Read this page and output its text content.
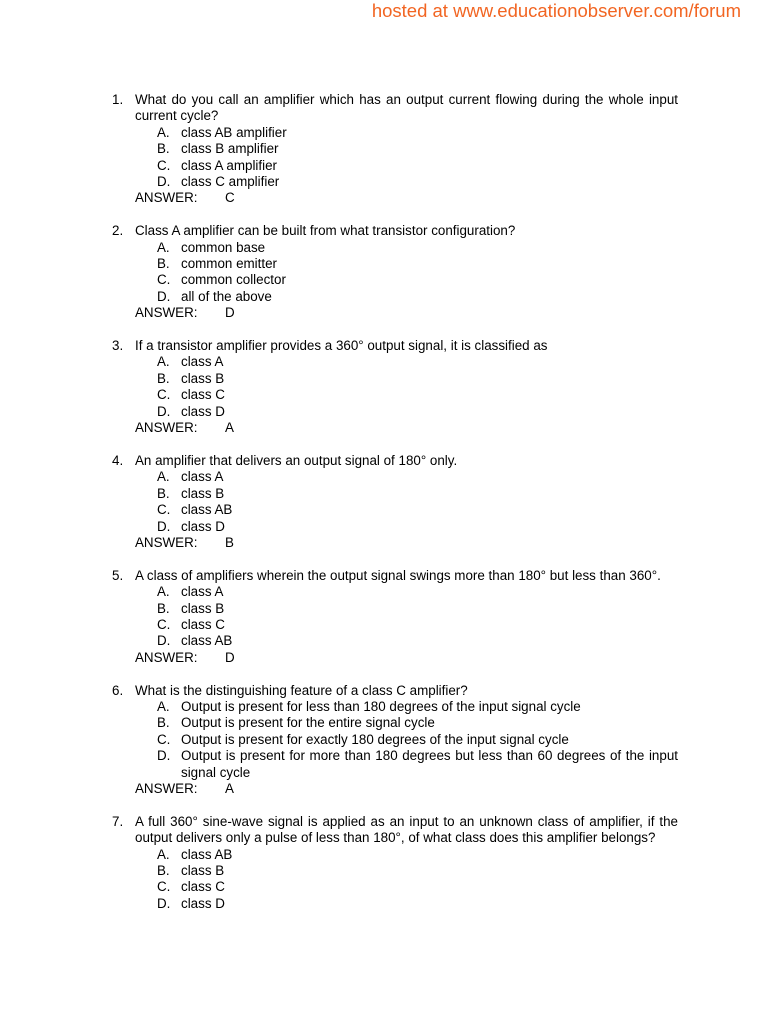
hosted at www.educationobserver.com/forum
1. What do you call an amplifier which has an output current flowing during the whole input current cycle?
A. class AB amplifier
B. class B amplifier
C. class A amplifier
D. class C amplifier
ANSWER: C
2. Class A amplifier can be built from what transistor configuration?
A. common base
B. common emitter
C. common collector
D. all of the above
ANSWER: D
3. If a transistor amplifier provides a 360° output signal, it is classified as
A. class A
B. class B
C. class C
D. class D
ANSWER: A
4. An amplifier that delivers an output signal of 180° only.
A. class A
B. class B
C. class AB
D. class D
ANSWER: B
5. A class of amplifiers wherein the output signal swings more than 180° but less than 360°.
A. class A
B. class B
C. class C
D. class AB
ANSWER: D
6. What is the distinguishing feature of a class C amplifier?
A. Output is present for less than 180 degrees of the input signal cycle
B. Output is present for the entire signal cycle
C. Output is present for exactly 180 degrees of the input signal cycle
D. Output is present for more than 180 degrees but less than 60 degrees of the input signal cycle
ANSWER: A
7. A full 360° sine-wave signal is applied as an input to an unknown class of amplifier, if the output delivers only a pulse of less than 180°, of what class does this amplifier belongs?
A. class AB
B. class B
C. class C
D. class D
